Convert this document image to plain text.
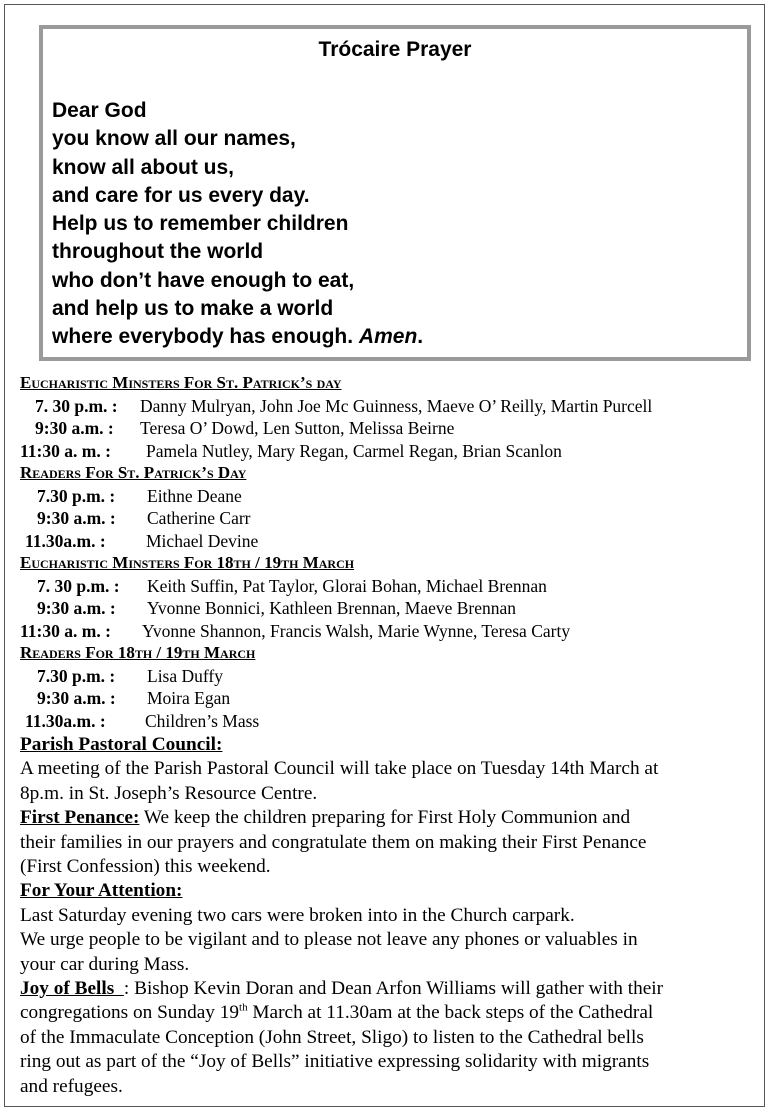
Trócaire Prayer
Dear God
you know all our names,
know all about us,
and care for us every day.
Help us to remember children
throughout the world
who don’t have enough to eat,
and help us to make a world
where everybody has enough. Amen.
Eucharistic Minsters For St. Patrick’s day
7. 30 p.m. : Danny Mulryan, John Joe Mc Guinness, Maeve O’ Reilly, Martin Purcell
9:30 a.m. : Teresa O’ Dowd, Len Sutton, Melissa Beirne
11:30 a. m. : Pamela Nutley, Mary Regan, Carmel Regan, Brian Scanlon
Readers For St. Patrick’s Day
7.30 p.m. : Eithne Deane
9:30 a.m. : Catherine Carr
11.30a.m. : Michael Devine
Eucharistic Minsters For 18th / 19th March
7. 30 p.m. : Keith Suffin, Pat Taylor, Glorai Bohan, Michael Brennan
9:30 a.m. : Yvonne Bonnici, Kathleen Brennan, Maeve Brennan
11:30 a. m. : Yvonne Shannon, Francis Walsh, Marie Wynne, Teresa Carty
Readers For 18th / 19th March
7.30 p.m. : Lisa Duffy
9:30 a.m. : Moira Egan
11.30a.m. : Children’s Mass
Parish Pastoral Council:
A meeting of the Parish Pastoral Council will take place on Tuesday 14th March at
8p.m. in St. Joseph’s Resource Centre.
First Penance: We keep the children preparing for First Holy Communion and
their families in our prayers and congratulate them on making their First Penance
(First Confession) this weekend.
For Your Attention:
Last Saturday evening two cars were broken into in the Church carpark.
We urge people to be vigilant and to please not leave any phones or valuables in
your car during Mass.
Joy of Bells  : Bishop Kevin Doran and Dean Arfon Williams will gather with their
congregations on Sunday 19th March at 11.30am at the back steps of the Cathedral
of the Immaculate Conception (John Street, Sligo) to listen to the Cathedral bells
ring out as part of the “Joy of Bells” initiative expressing solidarity with migrants
and refugees.
